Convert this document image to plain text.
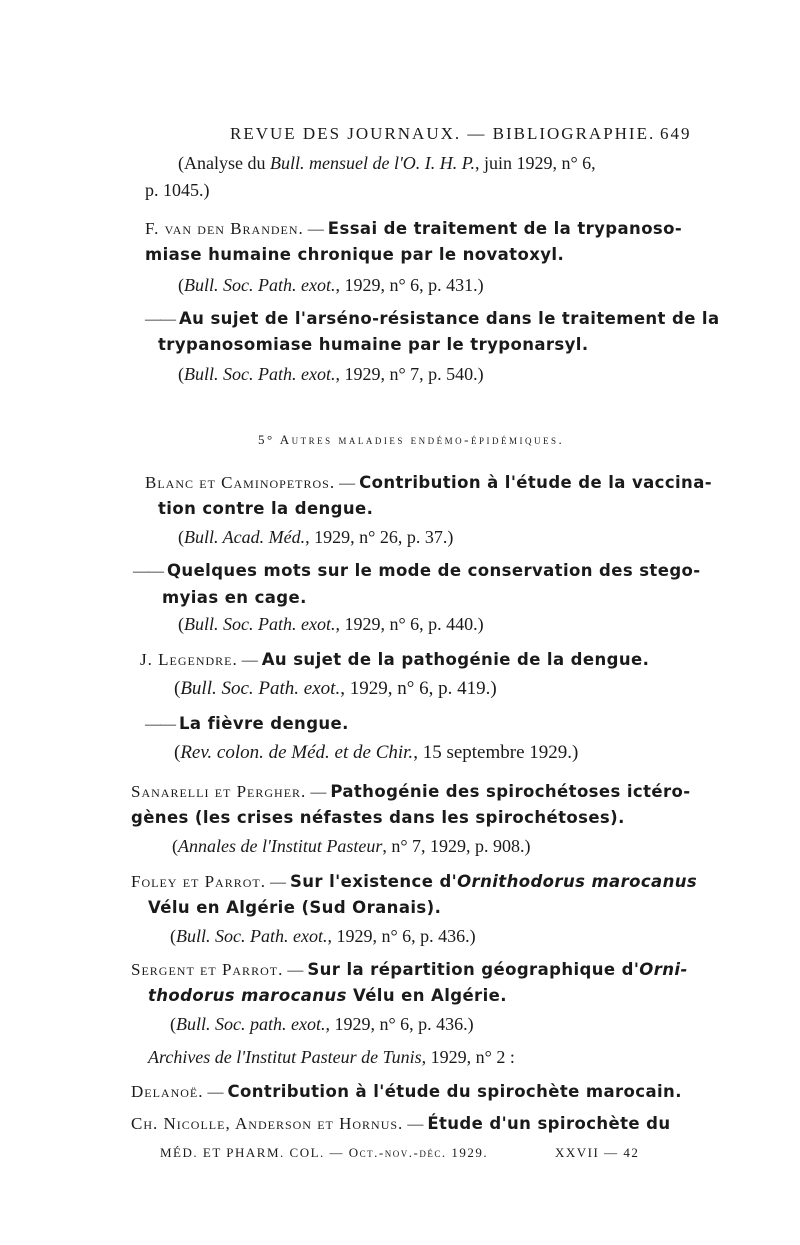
REVUE DES JOURNAUX. — BIBLIOGRAPHIE. 649
(Analyse du Bull. mensuel de l'O. I. H. P., juin 1929, n° 6,
p. 1045.)
F. van den Branden. — Essai de traitement de la trypanoso-
miase humaine chronique par le novatoxyl.
(Bull. Soc. Path. exot., 1929, n° 6, p. 431.)
—— Au sujet de l'arséno-résistance dans le traitement de la
trypanosomiase humaine par le tryponarsyl.
(Bull. Soc. Path. exot., 1929, n° 7, p. 540.)
5° Autres maladies endémo-épidémiques.
Blanc et Caminopetros. — Contribution à l'étude de la vaccina-
tion contre la dengue.
(Bull. Acad. Méd., 1929, n° 26, p. 37.)
—— Quelques mots sur le mode de conservation des stego-
myias en cage.
(Bull. Soc. Path. exot., 1929, n° 6, p. 440.)
J. Legendre. — Au sujet de la pathogénie de la dengue.
(Bull. Soc. Path. exot., 1929, n° 6, p. 419.)
—— La fièvre dengue.
(Rev. colon. de Méd. et de Chir., 15 septembre 1929.)
Sanarelli et Pergher. — Pathogénie des spirochétoses ictéro-
gènes (les crises néfastes dans les spirochétoses).
(Annales de l'Institut Pasteur, n° 7, 1929, p. 908.)
Foley et Parrot. — Sur l'existence d'Ornithodorus marocanus
Vélu en Algérie (Sud Oranais).
(Bull. Soc. Path. exot., 1929, n° 6, p. 436.)
Sergent et Parrot. — Sur la répartition géographique d'Orni-
thodorus marocanus Vélu en Algérie.
(Bull. Soc. path. exot., 1929, n° 6, p. 436.)
Archives de l'Institut Pasteur de Tunis, 1929, n° 2 :
Delanoë. — Contribution à l'étude du spirochète marocain.
Ch. Nicolle, Anderson et Hornus. — Étude d'un spirochète du
MÉD. ET PHARM. COL. — Oct.-nov.-déc. 1929.	XXVII — 42
